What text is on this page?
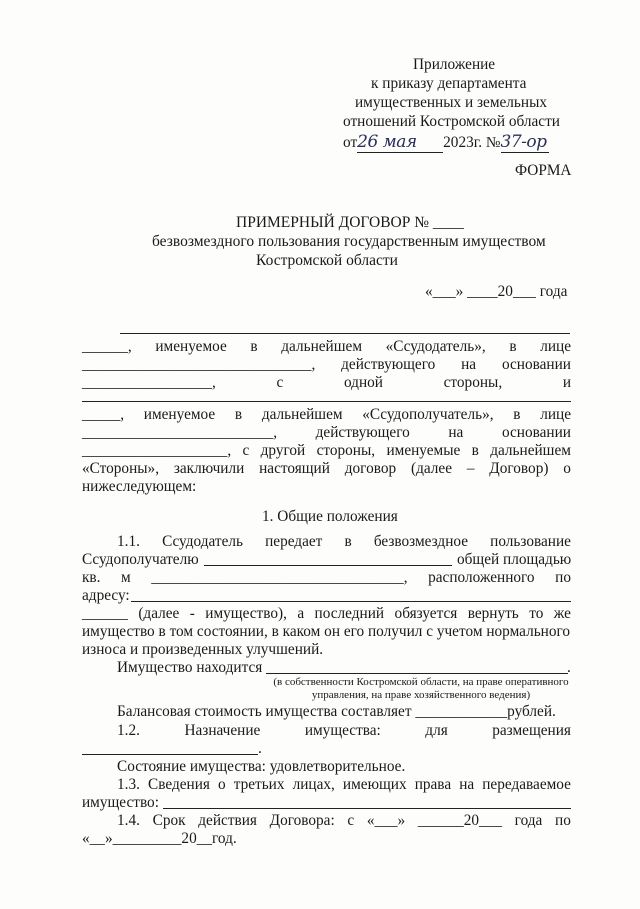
Приложение
к приказу департамента
имущественных и земельных
отношений Костромской области
от26 мая 2023г. №37-ор
ФОРМА
ПРИМЕРНЫЙ ДОГОВОР № ____
безвозмездного пользования государственным имуществом
Костромской области
«___» ____20___ года
______, именуемое в дальнейшем «Ссудодатель», в лице
______________________________, действующего на основании
_________________,	с	одной	стороны,	и
_____, именуемое в дальнейшем «Ссудополучатель», в лице
_________________________,	действующего	на	основании
___________________, с другой стороны, именуемые в дальнейшем
«Стороны», заключили настоящий договор (далее – Договор) о
нижеследующем:
1. Общие положения
1.1. Ссудодатель передает в безвозмездное пользование
Ссудополучателю	общей площадью
кв. м _________________________________, расположенного по
адресу:
______ (далее - имущество), а последний обязуется вернуть то же
имущество в том состоянии, в каком он его получил с учетом нормального
износа и произведенных улучшений.
Имущество находится	.
(в собственности Костромской области, на праве оперативного
управления, на праве хозяйственного ведения)
Балансовая стоимость имущества составляет ____________рублей.
1.2.	Назначение	имущества:	для	размещения
.
Состояние имущества: удовлетворительное.
1.3. Сведения о третьих лицах, имеющих права на передаваемое
имущество:
1.4. Срок действия Договора: с «___» ______20___ года по
«__»_________20__год.
